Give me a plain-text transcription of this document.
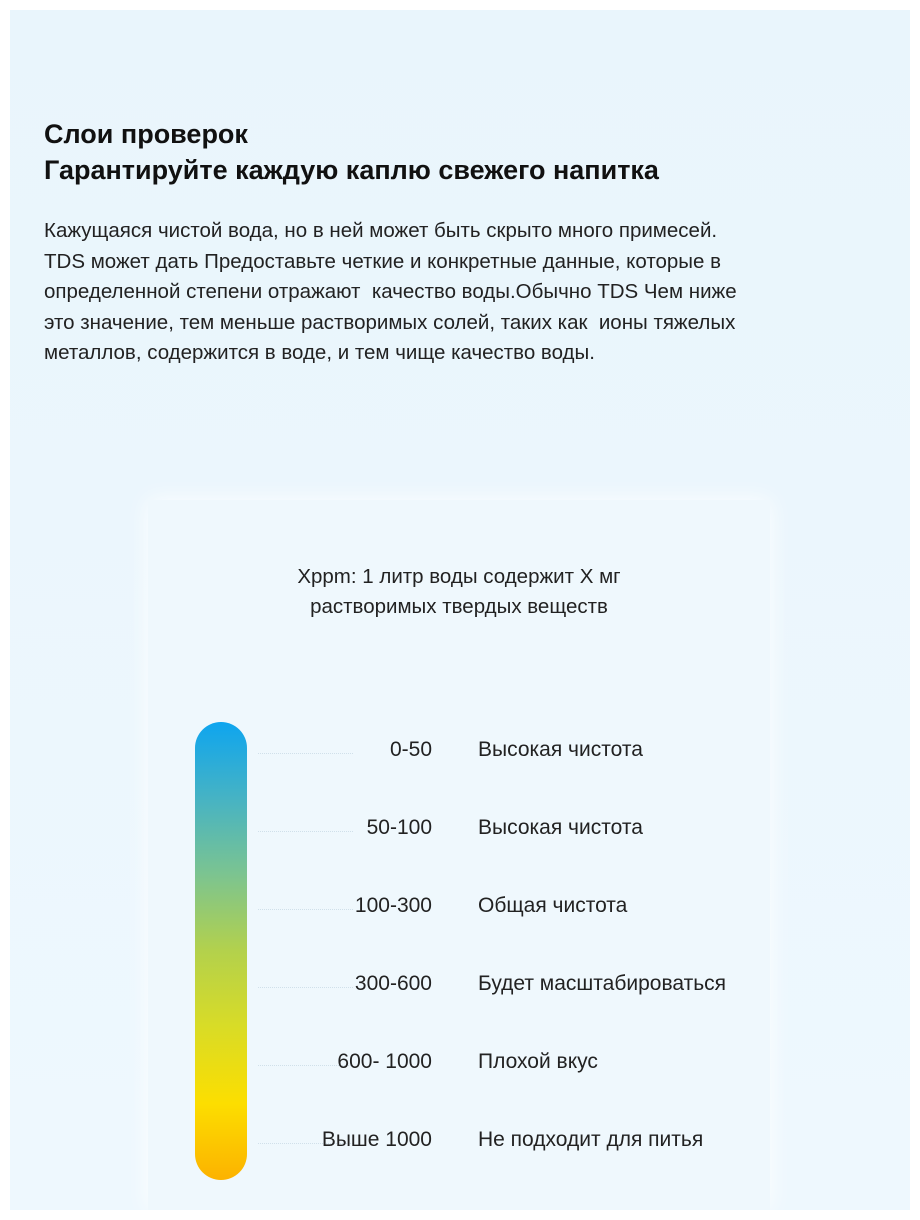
Слои проверок
Гарантируйте каждую каплю свежего напитка

Кажущаяся чистой вода, но в ней может быть скрыто много примесей.
TDS может дать Предоставьте четкие и конкретные данные, которые в
определенной степени отражают  качество воды.Обычно TDS Чем ниже
это значение, тем меньше растворимых солей, таких как  ионы тяжелых
металлов, содержится в воде, и тем чище качество воды.

Xppm: 1 литр воды содержит X мг
растворимых твердых веществ

0-50 Высокая чистота
50-100 Высокая чистота
100-300 Общая чистота
300-600 Будет масштабироваться
600- 1000 Плохой вкус
Выше 1000 Не подходит для питья
